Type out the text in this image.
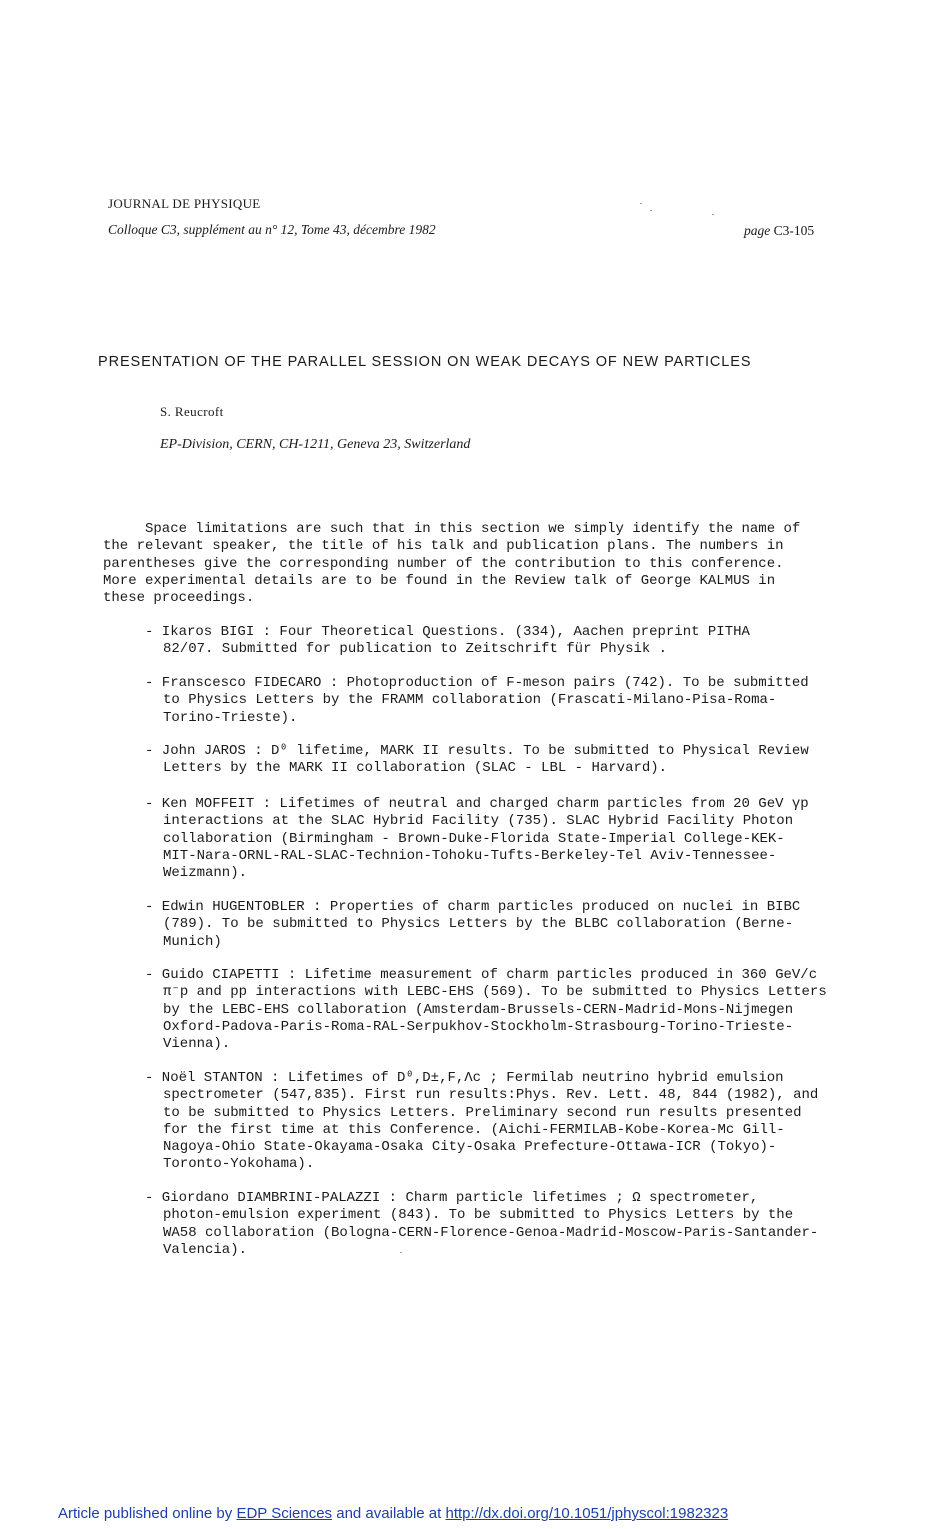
JOURNAL DE PHYSIQUE
Colloque C3, supplément au n° 12, Tome 43, décembre 1982	page C3-105
PRESENTATION OF THE PARALLEL SESSION ON WEAK DECAYS OF NEW PARTICLES
S. Reucroft
EP-Division, CERN, CH-1211, Geneva 23, Switzerland
Space limitations are such that in this section we simply identify the name of
the relevant speaker, the title of his talk and publication plans. The numbers in
parentheses give the corresponding number of the contribution to this conference.
More experimental details are to be found in the Review talk of George KALMUS in
these proceedings.
- Ikaros BIGI : Four Theoretical Questions. (334), Aachen preprint PITHA
82/07. Submitted for publication to Zeitschrift für Physik .
- Franscesco FIDECARO : Photoproduction of F-meson pairs (742). To be submitted
to Physics Letters by the FRAMM collaboration (Frascati-Milano-Pisa-Roma-
Torino-Trieste).
- John JAROS : D⁰ lifetime, MARK II results. To be submitted to Physical Review
Letters by the MARK II collaboration (SLAC - LBL - Harvard).
- Ken MOFFEIT : Lifetimes of neutral and charged charm particles from 20 GeV γp
interactions at the SLAC Hybrid Facility (735). SLAC Hybrid Facility Photon
collaboration (Birmingham - Brown-Duke-Florida State-Imperial College-KEK-
MIT-Nara-ORNL-RAL-SLAC-Technion-Tohoku-Tufts-Berkeley-Tel Aviv-Tennessee-
Weizmann).
- Edwin HUGENTOBLER : Properties of charm particles produced on nuclei in BIBC
(789). To be submitted to Physics Letters by the BLBC collaboration (Berne-
Munich)
- Guido CIAPETTI : Lifetime measurement of charm particles produced in 360 GeV/c
π⁻p and pp interactions with LEBC-EHS (569). To be submitted to Physics Letters
by the LEBC-EHS collaboration (Amsterdam-Brussels-CERN-Madrid-Mons-Nijmegen
Oxford-Padova-Paris-Roma-RAL-Serpukhov-Stockholm-Strasbourg-Torino-Trieste-
Vienna).
- Noël STANTON : Lifetimes of D⁰,D±,F,Λc ; Fermilab neutrino hybrid emulsion
spectrometer (547,835). First run results:Phys. Rev. Lett. 48, 844 (1982), and
to be submitted to Physics Letters. Preliminary second run results presented
for the first time at this Conference. (Aichi-FERMILAB-Kobe-Korea-Mc Gill-
Nagoya-Ohio State-Okayama-Osaka City-Osaka Prefecture-Ottawa-ICR (Tokyo)-
Toronto-Yokohama).
- Giordano DIAMBRINI-PALAZZI : Charm particle lifetimes ; Ω spectrometer,
photon-emulsion experiment (843). To be submitted to Physics Letters by the
WA58 collaboration (Bologna-CERN-Florence-Genoa-Madrid-Moscow-Paris-Santander-
Valencia).
Article published online by EDP Sciences and available at http://dx.doi.org/10.1051/jphyscol:1982323
